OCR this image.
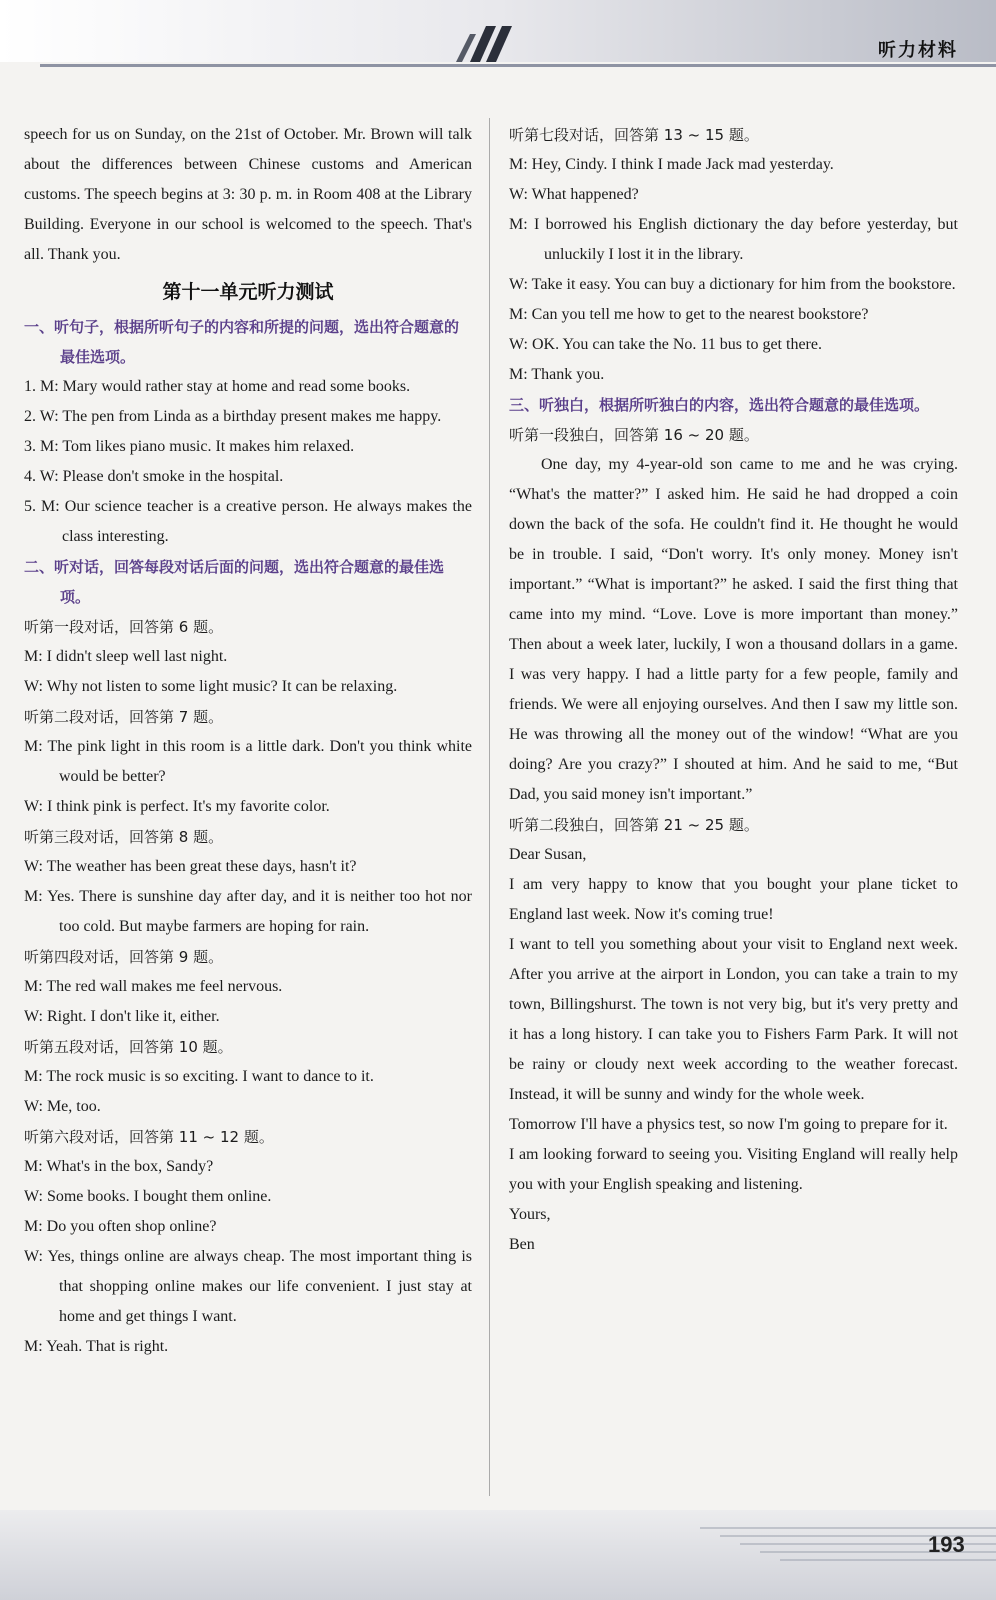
听力材料

speech for us on Sunday, on the 21st of October. Mr. Brown will talk about the differences between Chinese customs and American customs. The speech begins at 3: 30 p. m. in Room 408 at the Library Building. Everyone in our school is welcomed to the speech. That's all. Thank you.

第十一单元听力测试

一、听句子，根据所听句子的内容和所提的问题，选出符合题意的最佳选项。

1. M: Mary would rather stay at home and read some books.

2. W: The pen from Linda as a birthday present makes me happy.

3. M: Tom likes piano music. It makes him relaxed.

4. W: Please don't smoke in the hospital.

5. M: Our science teacher is a creative person. He always makes the class interesting.

二、听对话，回答每段对话后面的问题，选出符合题意的最佳选项。

听第一段对话，回答第 6 题。

M: I didn't sleep well last night.

W: Why not listen to some light music? It can be relaxing.

听第二段对话，回答第 7 题。

M: The pink light in this room is a little dark. Don't you think white would be better?

W: I think pink is perfect. It's my favorite color.

听第三段对话，回答第 8 题。

W: The weather has been great these days, hasn't it?

M: Yes. There is sunshine day after day, and it is neither too hot nor too cold. But maybe farmers are hoping for rain.

听第四段对话，回答第 9 题。

M: The red wall makes me feel nervous.

W: Right. I don't like it, either.

听第五段对话，回答第 10 题。

M: The rock music is so exciting. I want to dance to it.

W: Me, too.

听第六段对话，回答第 11 ~ 12 题。

M: What's in the box, Sandy?

W: Some books. I bought them online.

M: Do you often shop online?

W: Yes, things online are always cheap. The most important thing is that shopping online makes our life convenient. I just stay at home and get things I want.

M: Yeah. That is right.

听第七段对话，回答第 13 ~ 15 题。

M: Hey, Cindy. I think I made Jack mad yesterday.

W: What happened?

M: I borrowed his English dictionary the day before yesterday, but unluckily I lost it in the library.

W: Take it easy. You can buy a dictionary for him from the bookstore.

M: Can you tell me how to get to the nearest bookstore?

W: OK. You can take the No. 11 bus to get there.

M: Thank you.

三、听独白，根据所听独白的内容，选出符合题意的最佳选项。

听第一段独白，回答第 16 ~ 20 题。

One day, my 4-year-old son came to me and he was crying. “What's the matter?” I asked him. He said he had dropped a coin down the back of the sofa. He couldn't find it. He thought he would be in trouble. I said, “Don't worry. It's only money. Money isn't important.” “What is important?” he asked. I said the first thing that came into my mind. “Love. Love is more important than money.” Then about a week later, luckily, I won a thousand dollars in a game. I was very happy. I had a little party for a few people, family and friends. We were all enjoying ourselves. And then I saw my little son. He was throwing all the money out of the window! “What are you doing? Are you crazy?” I shouted at him. And he said to me, “But Dad, you said money isn't important.”

听第二段独白，回答第 21 ~ 25 题。

Dear Susan,

I am very happy to know that you bought your plane ticket to England last week. Now it's coming true!

I want to tell you something about your visit to England next week. After you arrive at the airport in London, you can take a train to my town, Billingshurst. The town is not very big, but it's very pretty and it has a long history. I can take you to Fishers Farm Park. It will not be rainy or cloudy next week according to the weather forecast. Instead, it will be sunny and windy for the whole week.

Tomorrow I'll have a physics test, so now I'm going to prepare for it.

I am looking forward to seeing you. Visiting England will really help you with your English speaking and listening.

Yours,

Ben

193
